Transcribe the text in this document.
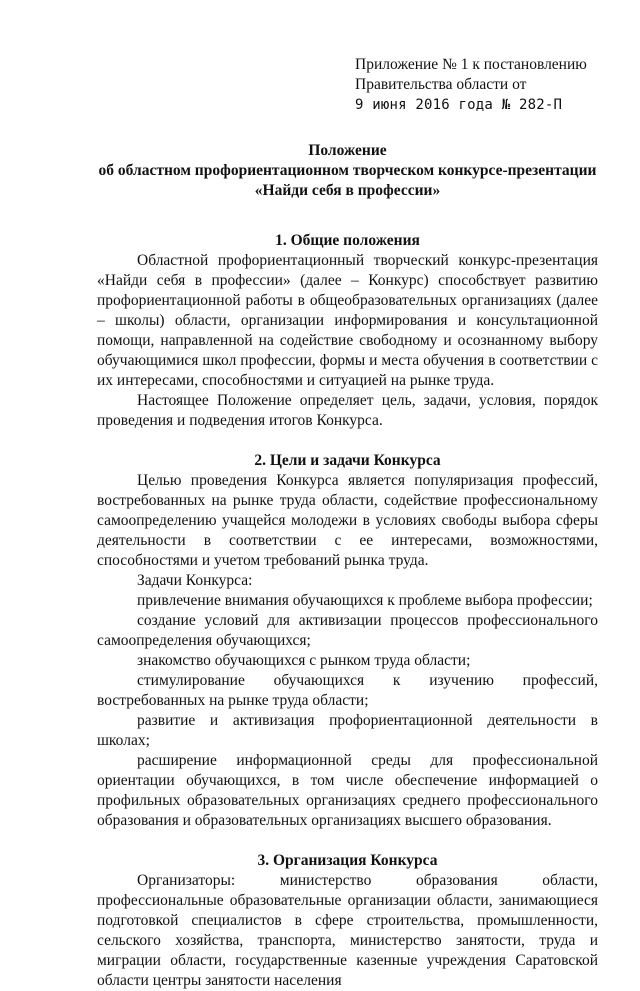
Приложение № 1 к постановлению
Правительства области от
9 июня 2016 года № 282-П
Положение
об областном профориентационном творческом конкурсе-презентации
«Найди себя в профессии»
1. Общие положения

Областной профориентационный творческий конкурс-презентация «Найди себя в профессии» (далее – Конкурс) способствует развитию профориентационной работы в общеобразовательных организациях (далее – школы) области, организации информирования и консультационной помощи, направленной на содействие свободному и осознанному выбору обучающимися школ профессии, формы и места обучения в соответствии с их интересами, способностями и ситуацией на рынке труда.

Настоящее Положение определяет цель, задачи, условия, порядок проведения и подведения итогов Конкурса.

2. Цели и задачи Конкурса

Целью проведения Конкурса является популяризация профессий, востребованных на рынке труда области, содействие профессиональному самоопределению учащейся молодежи в условиях свободы выбора сферы деятельности в соответствии с ее интересами, возможностями, способностями и учетом требований рынка труда.

Задачи Конкурса:

привлечение внимания обучающихся к проблеме выбора профессии;

создание условий для активизации процессов профессионального самоопределения обучающихся;

знакомство обучающихся с рынком труда области;

стимулирование обучающихся к изучению профессий, востребованных на рынке труда области;

развитие и активизация профориентационной деятельности в школах;

расширение информационной среды для профессиональной ориентации обучающихся, в том числе обеспечение информацией о профильных образовательных организациях среднего профессионального образования и образовательных организациях высшего образования.

3. Организация Конкурса

Организаторы: министерство образования области, профессиональные образовательные организации области, занимающиеся подготовкой специалистов в сфере строительства, промышленности, сельского хозяйства, транспорта, министерство занятости, труда и миграции области, государственные казенные учреждения Саратовской области центры занятости населения
